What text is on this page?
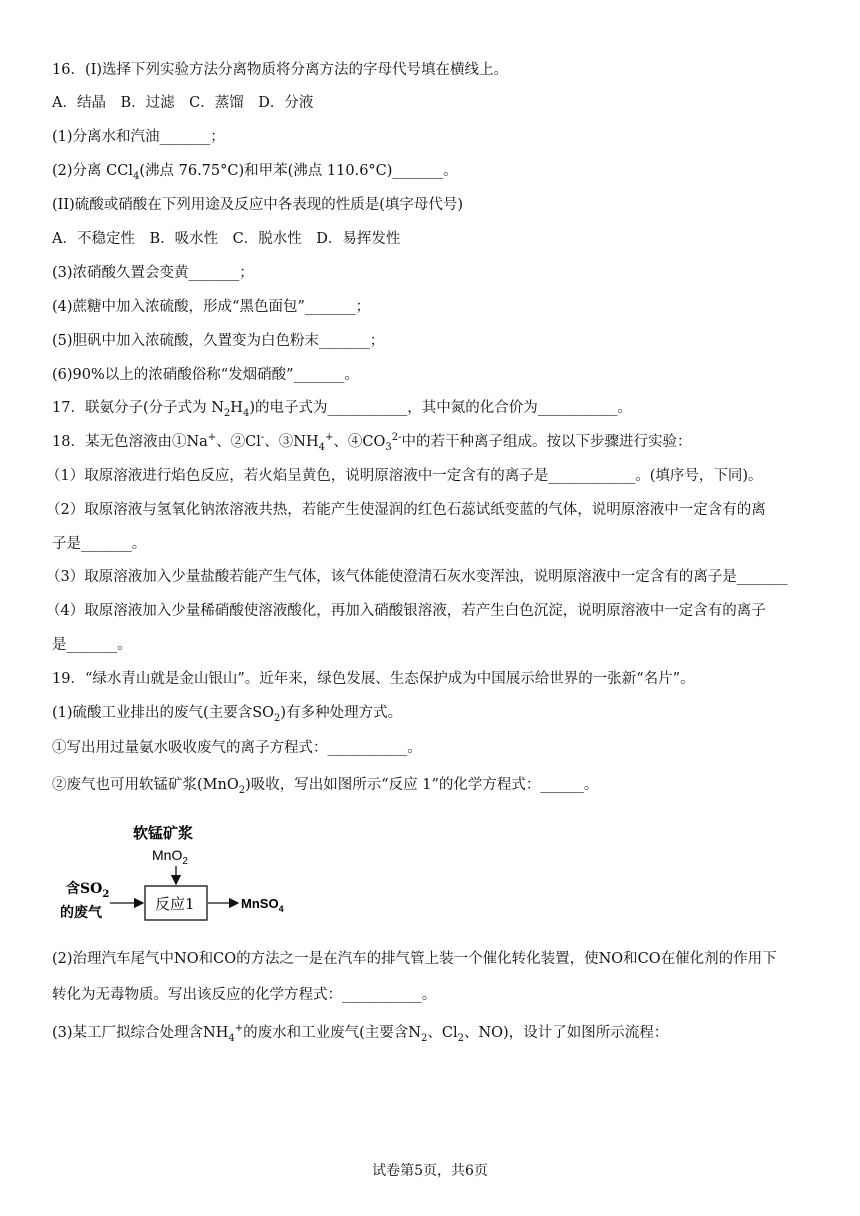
16．(I)选择下列实验方法分离物质将分离方法的字母代号填在横线上。
A．结晶　B．过滤　C．蒸馏　D．分液
(1)分离水和汽油_______；
(2)分离 CCl$_4$(沸点 76.75°C)和甲苯(沸点 110.6°C)_______。
(II)硫酸或硝酸在下列用途及反应中各表现的性质是(填字母代号)
A．不稳定性　B．吸水性　C．脱水性　D．易挥发性
(3)浓硝酸久置会变黄_______；
(4)蔗糖中加入浓硫酸，形成“黑色面包”_______；
(5)胆矾中加入浓硫酸，久置变为白色粉末_______；
(6)90%以上的浓硝酸俗称“发烟硝酸”_______。
17．联氨分子(分子式为 $N_2H_4$)的电子式为___________，其中氮的化合价为___________。
18．某无色溶液由①Na+、②Cl-、$③NH_4^+$、$④CO_3^{2-}$中的若干种离子组成。按以下步骤进行实验：
（1）取原溶液进行焰色反应，若火焰呈黄色，说明原溶液中一定含有的离子是____________。(填序号，下同)。
（2）取原溶液与氢氧化钠浓溶液共热，若能产生使湿润的红色石蕊试纸变蓝的气体，说明原溶液中一定含有的离
子是_______。
（3）取原溶液加入少量盐酸若能产生气体，该气体能使澄清石灰水变浑浊，说明原溶液中一定含有的离子是_______
（4）取原溶液加入少量稀硝酸使溶液酸化，再加入硝酸银溶液，若产生白色沉淀，说明原溶液中一定含有的离子
是_______。
19．“绿水青山就是金山银山”。近年来，绿色发展、生态保护成为中国展示给世界的一张新“名片”。
(1)硫酸工业排出的废气(主要含$SO_2$)有多种处理方式。
①写出用过量氨水吸收废气的离子方程式：___________。
②废气也可用软锰矿浆(MnO$_2$)吸收，写出如图所示“反应 1”的化学方程式：______。
软锰矿浆
MnO$_2$
反应1
含$SO_2$
的废气
MnSO$_4$
(2)治理汽车尾气中NO和CO的方法之一是在汽车的排气管上装一个催化转化装置，使NO和CO在催化剂的作用下
转化为无毒物质。写出该反应的化学方程式：___________。
(3)某工厂拟综合处理含$NH_4^+$的废水和工业废气(主要含$N_2$、$Cl_2$、NO)，设计了如图所示流程：
试卷第5页，共6页
